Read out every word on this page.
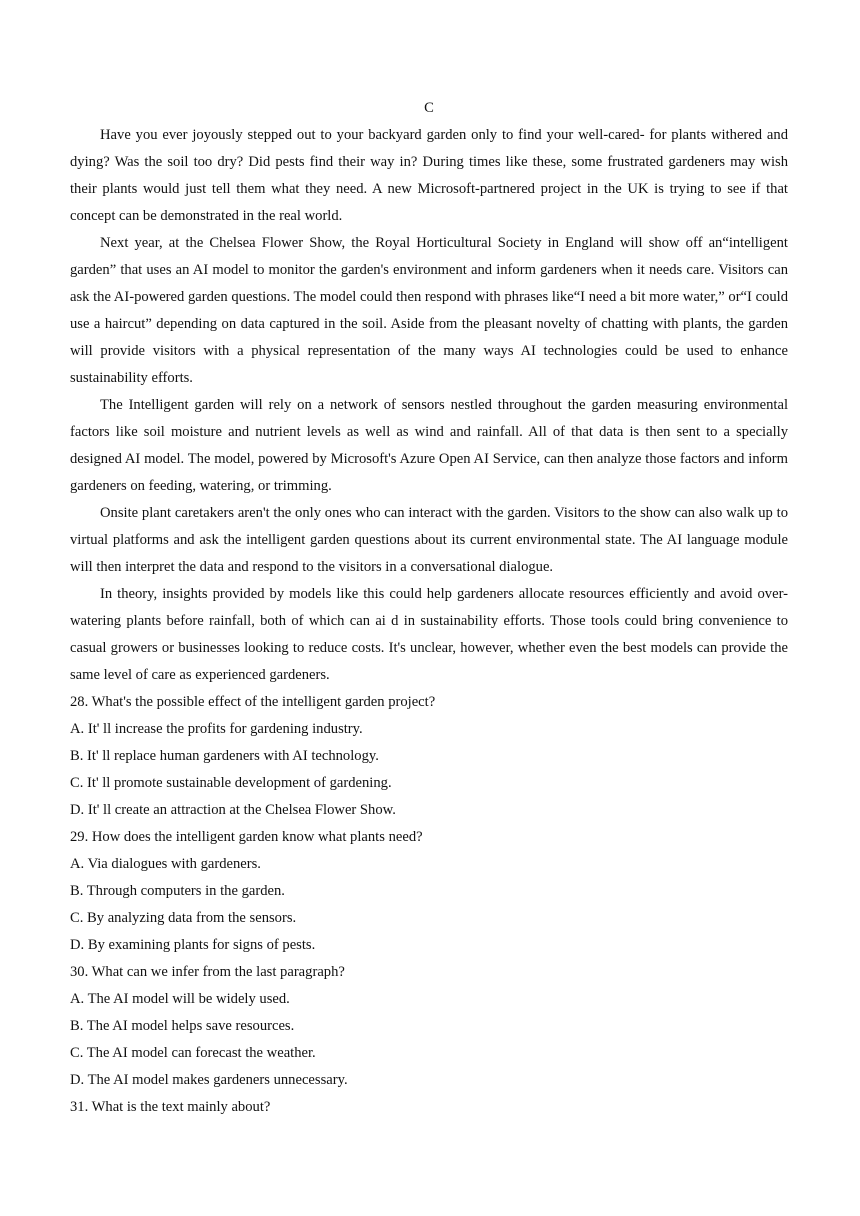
C

Have you ever joyously stepped out to your backyard garden only to find your well-cared- for plants withered and dying? Was the soil too dry? Did pests find their way in? During times like these, some frustrated gardeners may wish their plants would just tell them what they need. A new Microsoft-partnered project in the UK is trying to see if that concept can be demonstrated in the real world.

Next year, at the Chelsea Flower Show, the Royal Horticultural Society in England will show off an“intelligent garden” that uses an AI model to monitor the garden's environment and inform gardeners when it needs care. Visitors can ask the AI-powered garden questions. The model could then respond with phrases like“I need a bit more water,” or“I could use a haircut” depending on data captured in the soil. Aside from the pleasant novelty of chatting with plants, the garden will provide visitors with a physical representation of the many ways AI technologies could be used to enhance sustainability efforts.

The Intelligent garden will rely on a network of sensors nestled throughout the garden measuring environmental factors like soil moisture and nutrient levels as well as wind and rainfall. All of that data is then sent to a specially designed AI model. The model, powered by Microsoft's Azure Open AI Service, can then analyze those factors and inform gardeners on feeding, watering, or trimming.

Onsite plant caretakers aren't the only ones who can interact with the garden. Visitors to the show can also walk up to virtual platforms and ask the intelligent garden questions about its current environmental state. The AI language module will then interpret the data and respond to the visitors in a conversational dialogue.

In theory, insights provided by models like this could help gardeners allocate resources efficiently and avoid over-watering plants before rainfall, both of which can ai d in sustainability efforts. Those tools could bring convenience to casual growers or businesses looking to reduce costs. It's unclear, however, whether even the best models can provide the same level of care as experienced gardeners.

28. What's the possible effect of the intelligent garden project?

A. It' ll increase the profits for gardening industry.

B. It' ll replace human gardeners with AI technology.

C. It' ll promote sustainable development of gardening.

D. It' ll create an attraction at the Chelsea Flower Show.

29. How does the intelligent garden know what plants need?

A. Via dialogues with gardeners.

B. Through computers in the garden.

C. By analyzing data from the sensors.

D. By examining plants for signs of pests.

30. What can we infer from the last paragraph?

A. The AI model will be widely used.

B. The AI model helps save resources.

C. The AI model can forecast the weather.

D. The AI model makes gardeners unnecessary.

31. What is the text mainly about?
